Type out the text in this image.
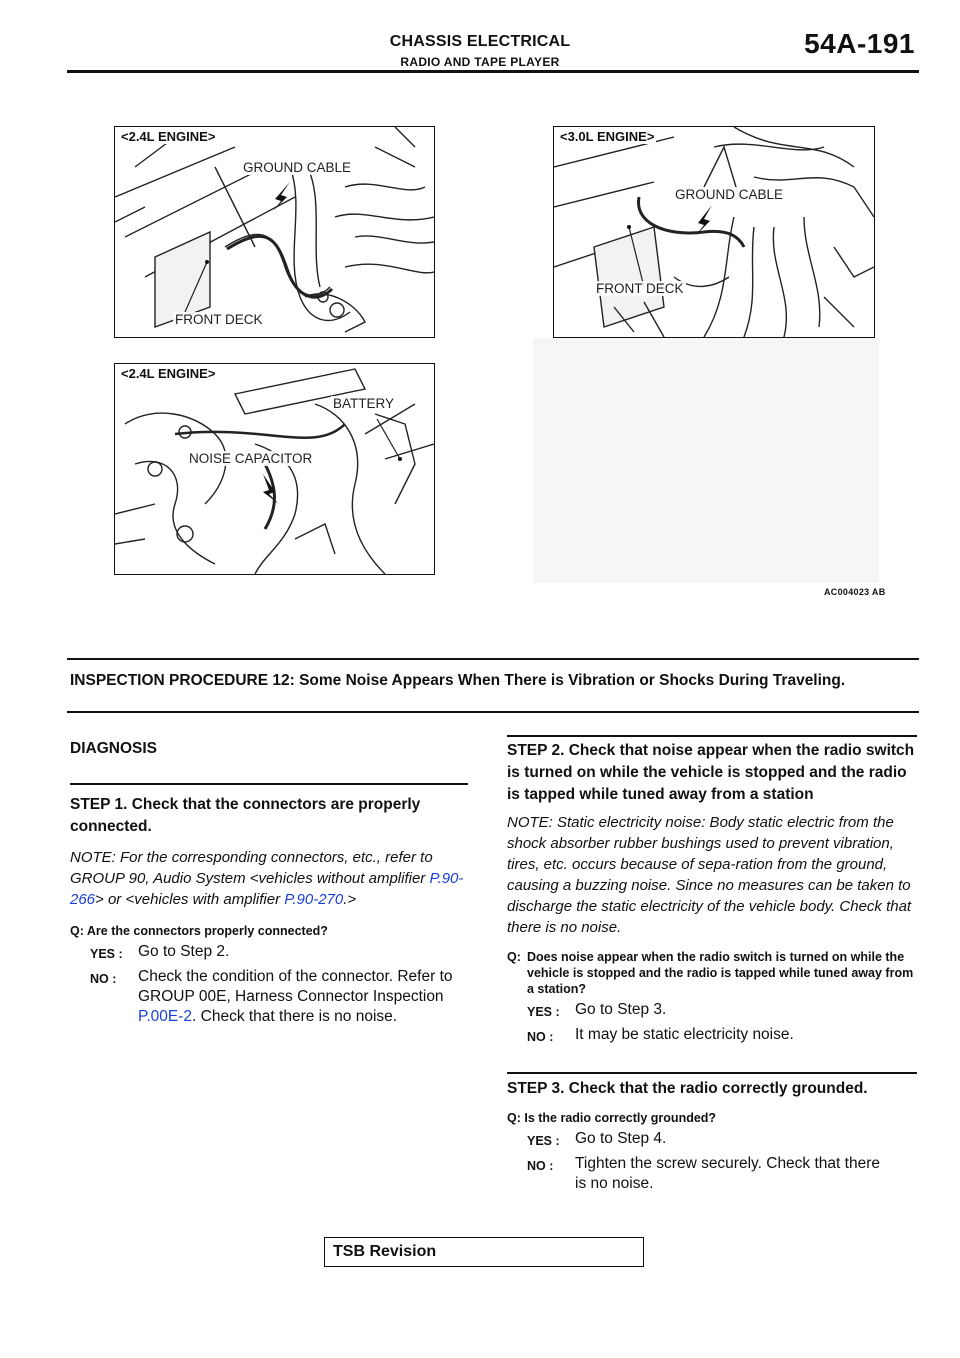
CHASSIS ELECTRICAL
RADIO AND TAPE PLAYER
54A-191
<2.4L ENGINE>
GROUND CABLE
FRONT DECK
<3.0L ENGINE>
GROUND CABLE
FRONT DECK
<2.4L ENGINE>
BATTERY
NOISE CAPACITOR
AC004023 AB
INSPECTION PROCEDURE 12: Some Noise Appears When There is Vibration or Shocks During Traveling.
DIAGNOSIS
STEP 1. Check that the connectors are properly connected.
NOTE: For the corresponding connectors, etc., refer to GROUP 90, Audio System <vehicles without amplifier P.90-266> or <vehicles with amplifier P.90-270.>
Q: Are the connectors properly connected?
YES : Go to Step 2.
NO :	Check the condition of the connector. Refer to GROUP 00E, Harness Connector Inspection P.00E-2. Check that there is no noise.
STEP 2. Check that noise appear when the radio switch is turned on while the vehicle is stopped and the radio is tapped while tuned away from a station
NOTE: Static electricity noise: Body static electric from the shock absorber rubber bushings used to prevent vibration, tires, etc. occurs because of sepa-ration from the ground, causing a buzzing noise. Since no measures can be taken to discharge the static electricity of the vehicle body. Check that there is no noise.
Q: Does noise appear when the radio switch is turned on while the vehicle is stopped and the radio is tapped while tuned away from a station?
YES : Go to Step 3.
NO :	It may be static electricity noise.
STEP 3. Check that the radio correctly grounded.
Q: Is the radio correctly grounded?
YES : Go to Step 4.
NO :	Tighten the screw securely. Check that there is no noise.
TSB Revision
